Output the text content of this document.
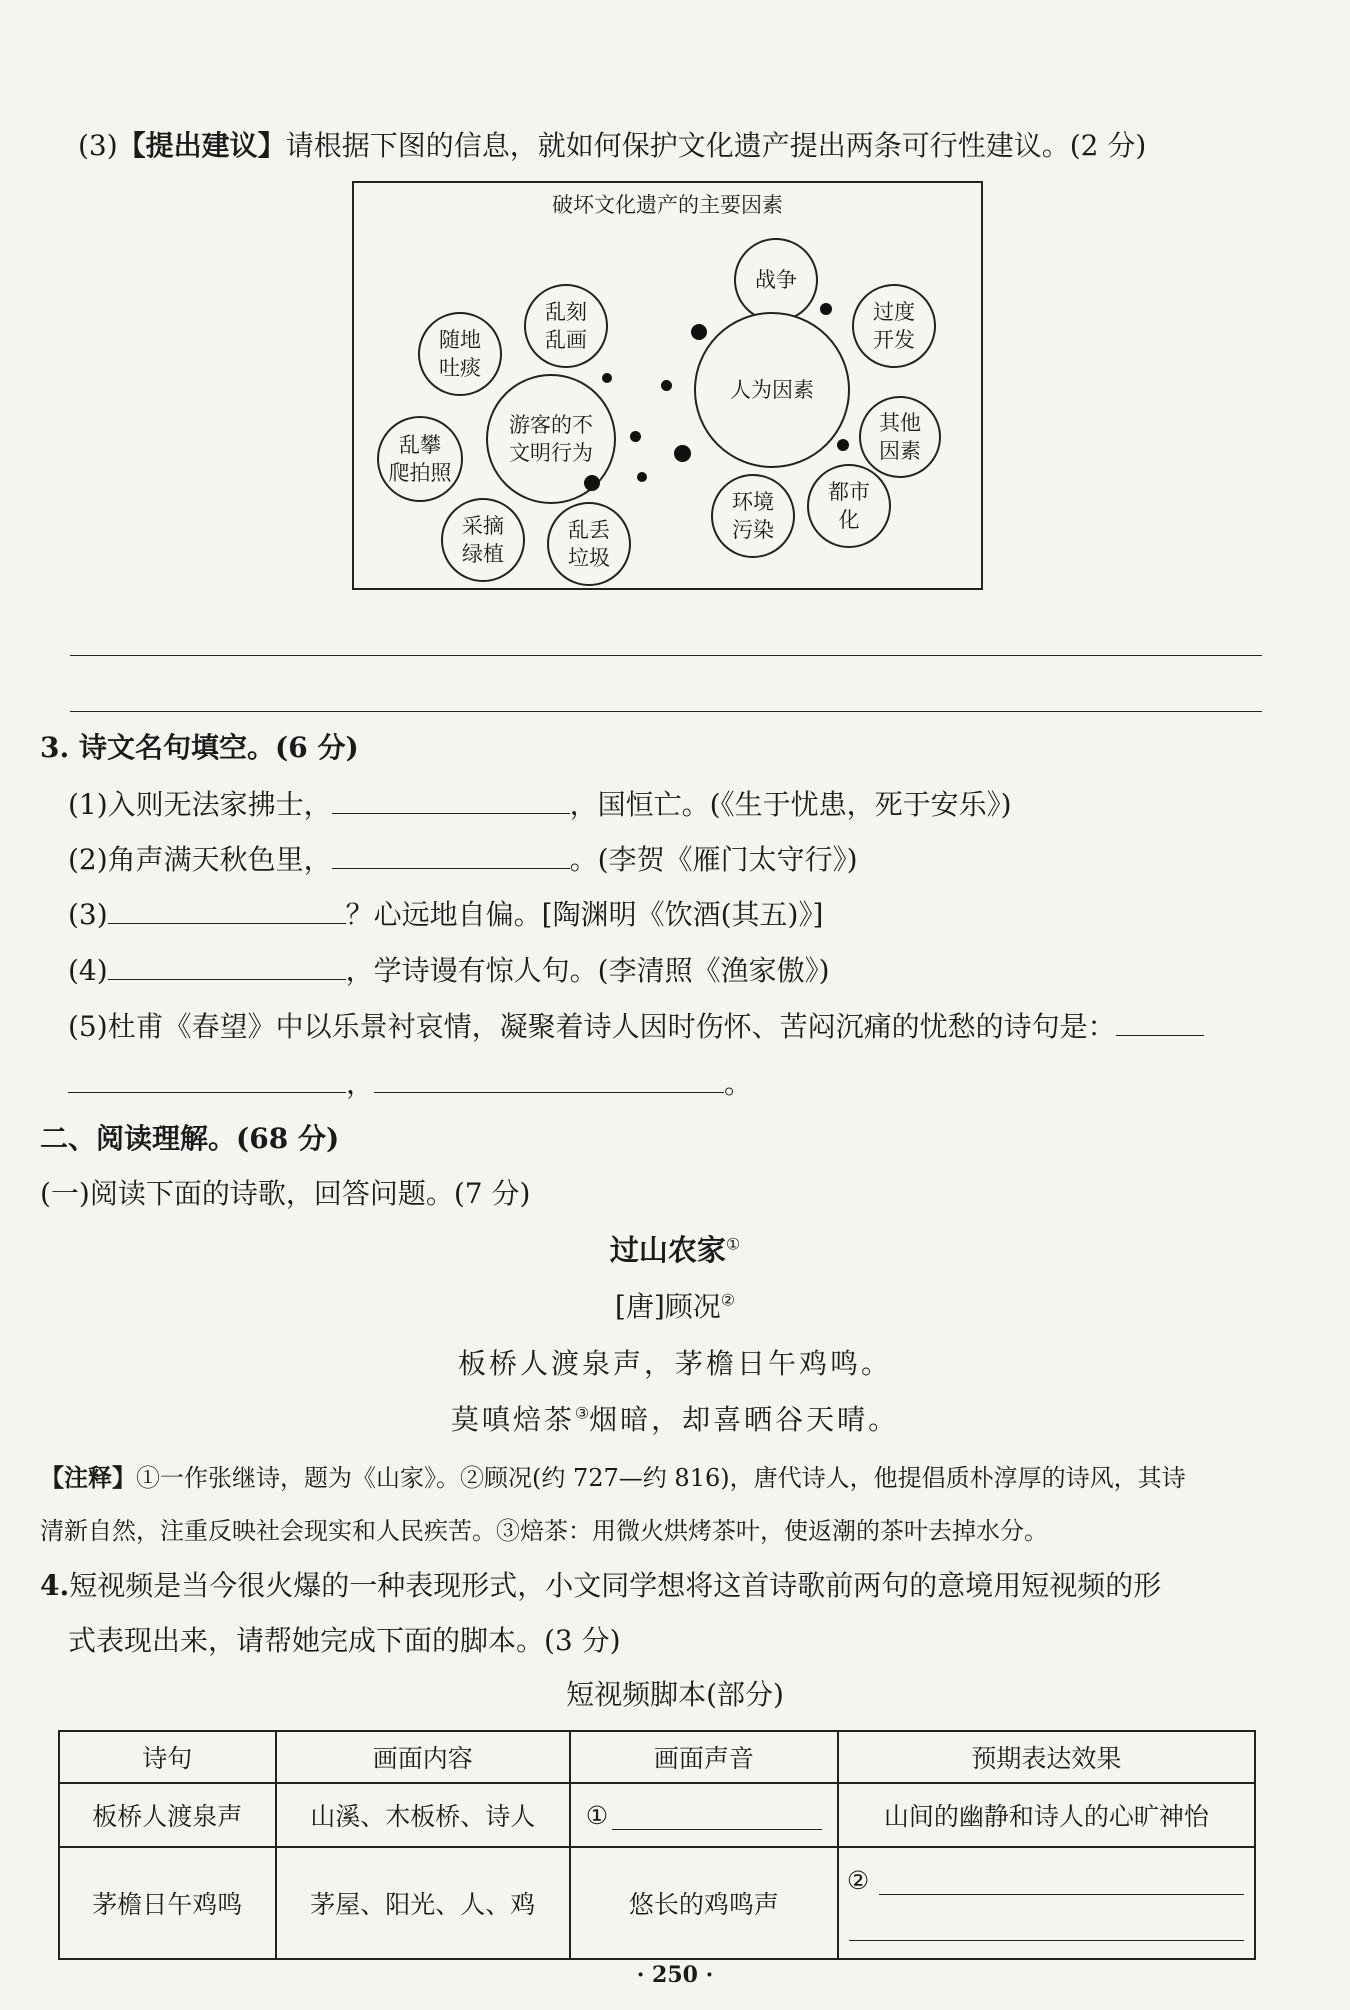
(3)【提出建议】请根据下图的信息，就如何保护文化遗产提出两条可行性建议。(2 分)
破坏文化遗产的主要因素
战争
过度
开发
人为因素
其他
因素
都市
化
环境
污染
乱刻
乱画
随地
吐痰
游客的不
文明行为
乱攀
爬拍照
采摘
绿植
乱丢
垃圾
3. 诗文名句填空。(6 分)
(1)入则无法家拂士，	，国恒亡。(《生于忧患，死于安乐》)
(2)角声满天秋色里，	。(李贺《雁门太守行》)
(3)	？心远地自偏。[陶渊明《饮酒(其五)》]
(4)	，学诗谩有惊人句。(李清照《渔家傲》)
(5)杜甫《春望》中以乐景衬哀情，凝聚着诗人因时伤怀、苦闷沉痛的忧愁的诗句是：
，	。
二、阅读理解。(68 分)
(一)阅读下面的诗歌，回答问题。(7 分)
过山农家①
[唐]顾况②
板桥人渡泉声，茅檐日午鸡鸣。
莫嗔焙茶③烟暗，却喜晒谷天晴。
【注释】①一作张继诗，题为《山家》。②顾况(约 727—约 816)，唐代诗人，他提倡质朴淳厚的诗风，其诗
清新自然，注重反映社会现实和人民疾苦。③焙茶：用微火烘烤茶叶，使返潮的茶叶去掉水分。
4.短视频是当今很火爆的一种表现形式，小文同学想将这首诗歌前两句的意境用短视频的形
式表现出来，请帮她完成下面的脚本。(3 分)
短视频脚本(部分)
诗句	画面内容	画面声音	预期表达效果
板桥人渡泉声	山溪、木板桥、诗人	①	山间的幽静和诗人的心旷神怡
茅檐日午鸡鸣	茅屋、阳光、人、鸡	悠长的鸡鸣声	②
· 250 ·
